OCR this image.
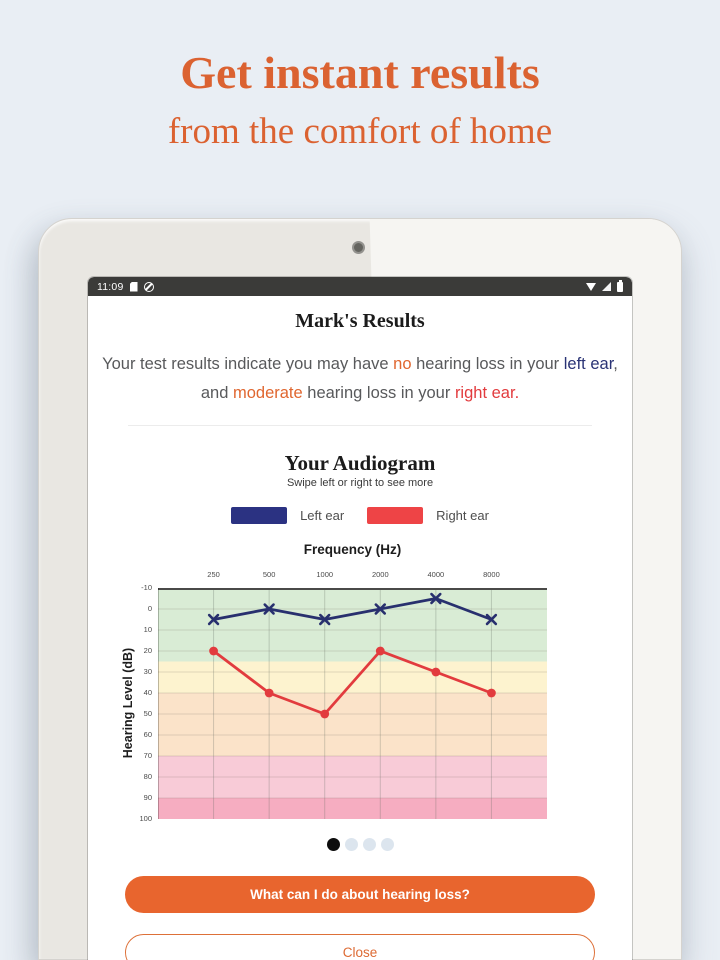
Get instant results
from the comfort of home
11:09
Mark's Results

Your test results indicate you may have no hearing loss in your left ear,
and moderate hearing loss in your right ear.

Your Audiogram
Swipe left or right to see more
Left ear	Right ear
Frequency (Hz)
250	500	1000	2000	4000	8000
-10
0
10
20
30
40
50
60
70
80
90
100
Hearing Level (dB)
What can I do about hearing loss?
Close
